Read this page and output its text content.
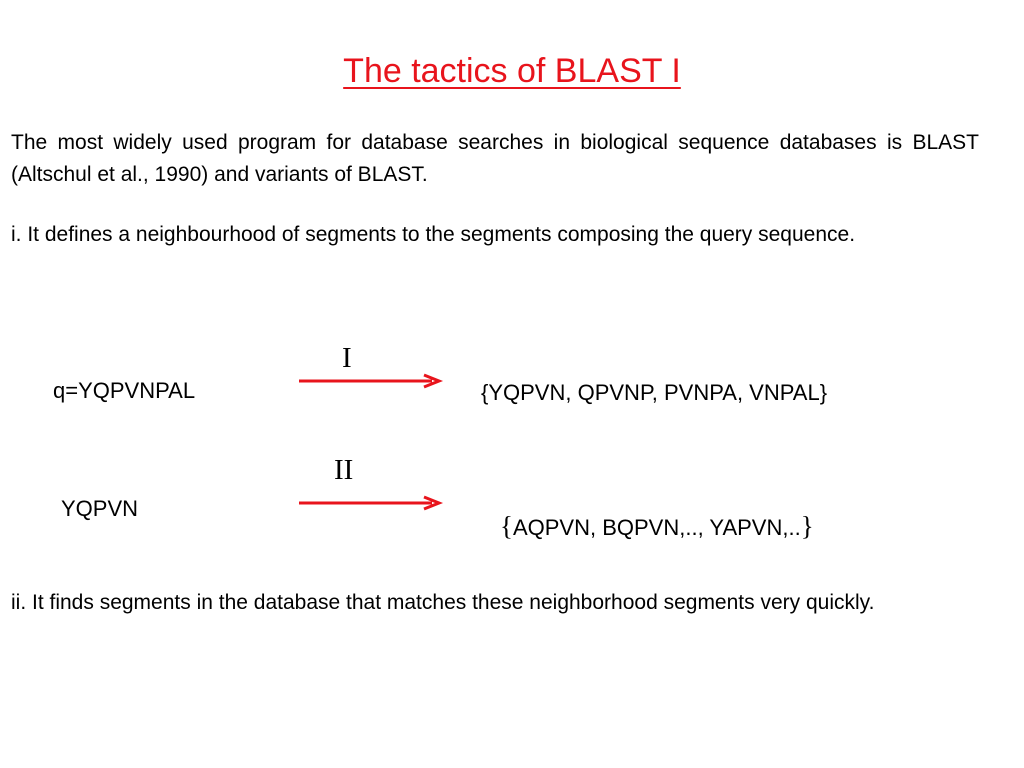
The tactics of BLAST I

The most widely used program for database searches in biological sequence databases is BLAST (Altschul et al., 1990) and variants of BLAST.

i. It defines a neighbourhood of segments to the segments composing the query sequence.

I
q=YQPVNPAL	{YQPVN, QPVNP, PVNPA, VNPAL}
II
YQPVN
{AQPVN, BQPVN,.., YAPVN,..}

ii. It finds segments in the database that matches these neighborhood segments very quickly.
